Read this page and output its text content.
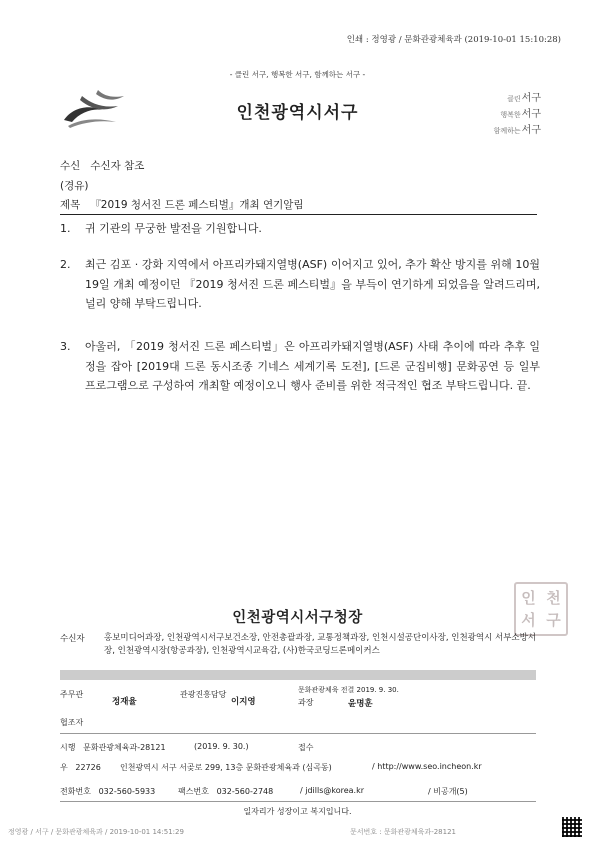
인쇄 : 정영광 / 문화관광체육과 (2019-10-01 15:10:28)
- 클린 서구, 행복한 서구, 함께하는 서구 -
인천광역시서구
클린서구
행복한서구
함께하는서구
수신 수신자 참조
(경유)
제목 『2019 청서진 드론 페스티벌』개최 연기알림
1. 귀 기관의 무궁한 발전을 기원합니다.
2. 최근 김포 · 강화 지역에서 아프리카돼지열병(ASF) 이어지고 있어, 추가 확산 방지를 위해 10월 19일 개최 예정이던 『2019 청서진 드론 페스티벌』을 부득이 연기하게 되었음을 알려드리며, 널리 양해 부탁드립니다.
3. 아울러, 「2019 청서진 드론 페스티벌」은 아프리카돼지열병(ASF) 사태 추이에 따라 추후 일정을 잡아 [2019대 드론 동시조종 기네스 세계기록 도전], [드론 군집비행] 문화공연 등 일부 프로그램으로 구성하여 개최할 예정이오니 행사 준비를 위한 적극적인 협조 부탁드립니다. 끝.
인 천
서 구
인천광역시서구청장
수신자 홍보미디어과장, 인천광역시서구보건소장, 안전총괄과장, 교통정책과장, 인천시설공단이사장, 인천광역시 서부소방서장, 인천광역시장(항공과장), 인천광역시교육감, (사)한국코딩드론메이커스
주무관
정재율
관광진흥담당
이지영
문화관광체육 전결 2019. 9. 30.
과장	윤명훈
협조자
시행 문화관광체육과-28121	(2019. 9. 30.)	접수
우 22726 인천광역시 서구 서곶로 299, 13층 문화관광체육과 (심곡동)	/ http://www.seo.incheon.kr
전화번호 032-560-5933	팩스번호 032-560-2748	/ jdills@korea.kr	/ 비공개(5)
일자리가 성장이고 복지입니다.
정영광 / 서구 / 문화관광체육과 / 2019-10-01 14:51:29	문서번호 : 문화관광체육과-28121
